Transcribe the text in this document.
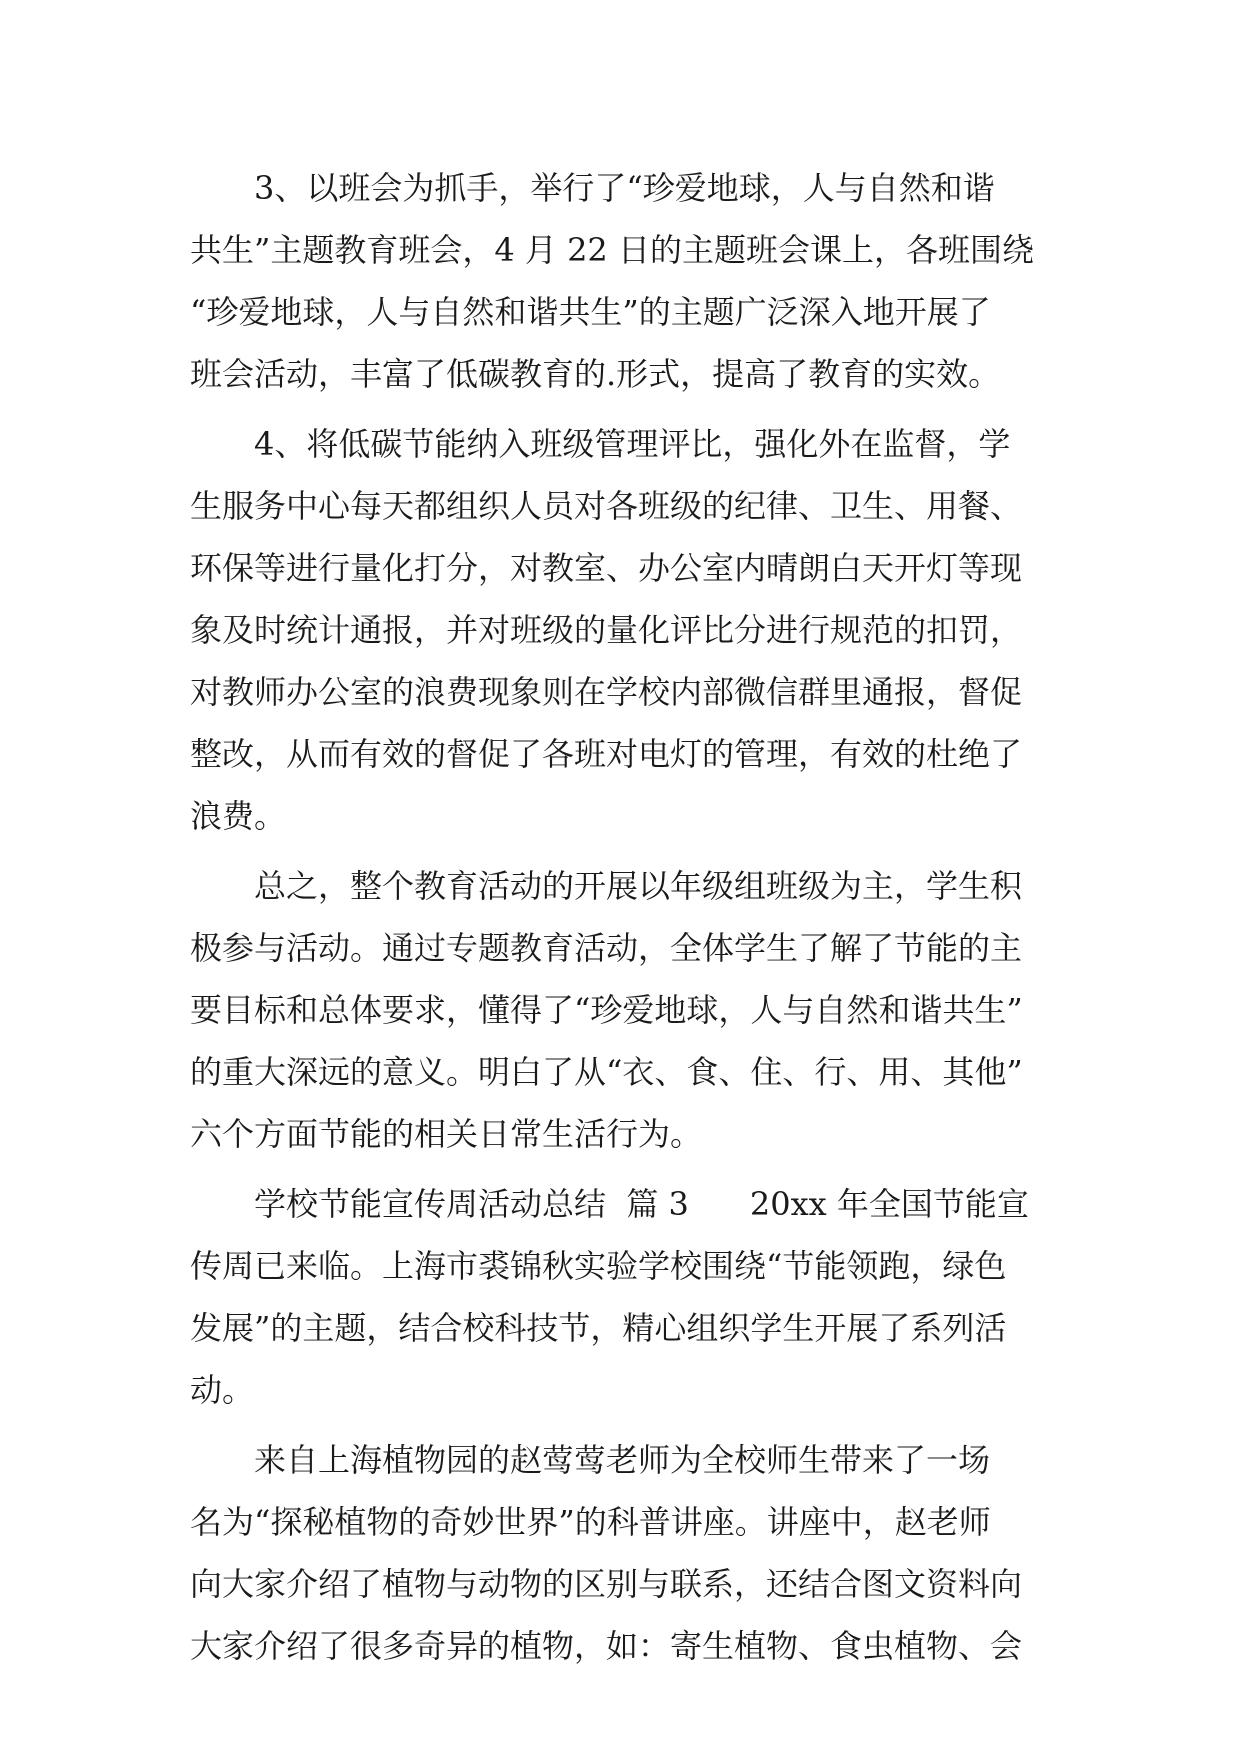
3、以班会为抓手，举行了“珍爱地球，人与自然和谐
共生”主题教育班会，4 月 22 日的主题班会课上，各班围绕
“珍爱地球，人与自然和谐共生”的主题广泛深入地开展了
班会活动，丰富了低碳教育的.形式，提高了教育的实效。
4、将低碳节能纳入班级管理评比，强化外在监督，学
生服务中心每天都组织人员对各班级的纪律、卫生、用餐、
环保等进行量化打分，对教室、办公室内晴朗白天开灯等现
象及时统计通报，并对班级的量化评比分进行规范的扣罚，
对教师办公室的浪费现象则在学校内部微信群里通报，督促
整改，从而有效的督促了各班对电灯的管理，有效的杜绝了
浪费。
总之，整个教育活动的开展以年级组班级为主，学生积
极参与活动。通过专题教育活动，全体学生了解了节能的主
要目标和总体要求，懂得了“珍爱地球，人与自然和谐共生”
的重大深远的意义。明白了从“衣、食、住、行、用、其他”
六个方面节能的相关日常生活行为。
学校节能宣传周活动总结  篇 3      20xx 年全国节能宣
传周已来临。上海市裘锦秋实验学校围绕“节能领跑，绿色
发展”的主题，结合校科技节，精心组织学生开展了系列活
动。
来自上海植物园的赵莺莺老师为全校师生带来了一场
名为“探秘植物的奇妙世界”的科普讲座。讲座中，赵老师
向大家介绍了植物与动物的区别与联系，还结合图文资料向
大家介绍了很多奇异的植物，如：寄生植物、食虫植物、会
